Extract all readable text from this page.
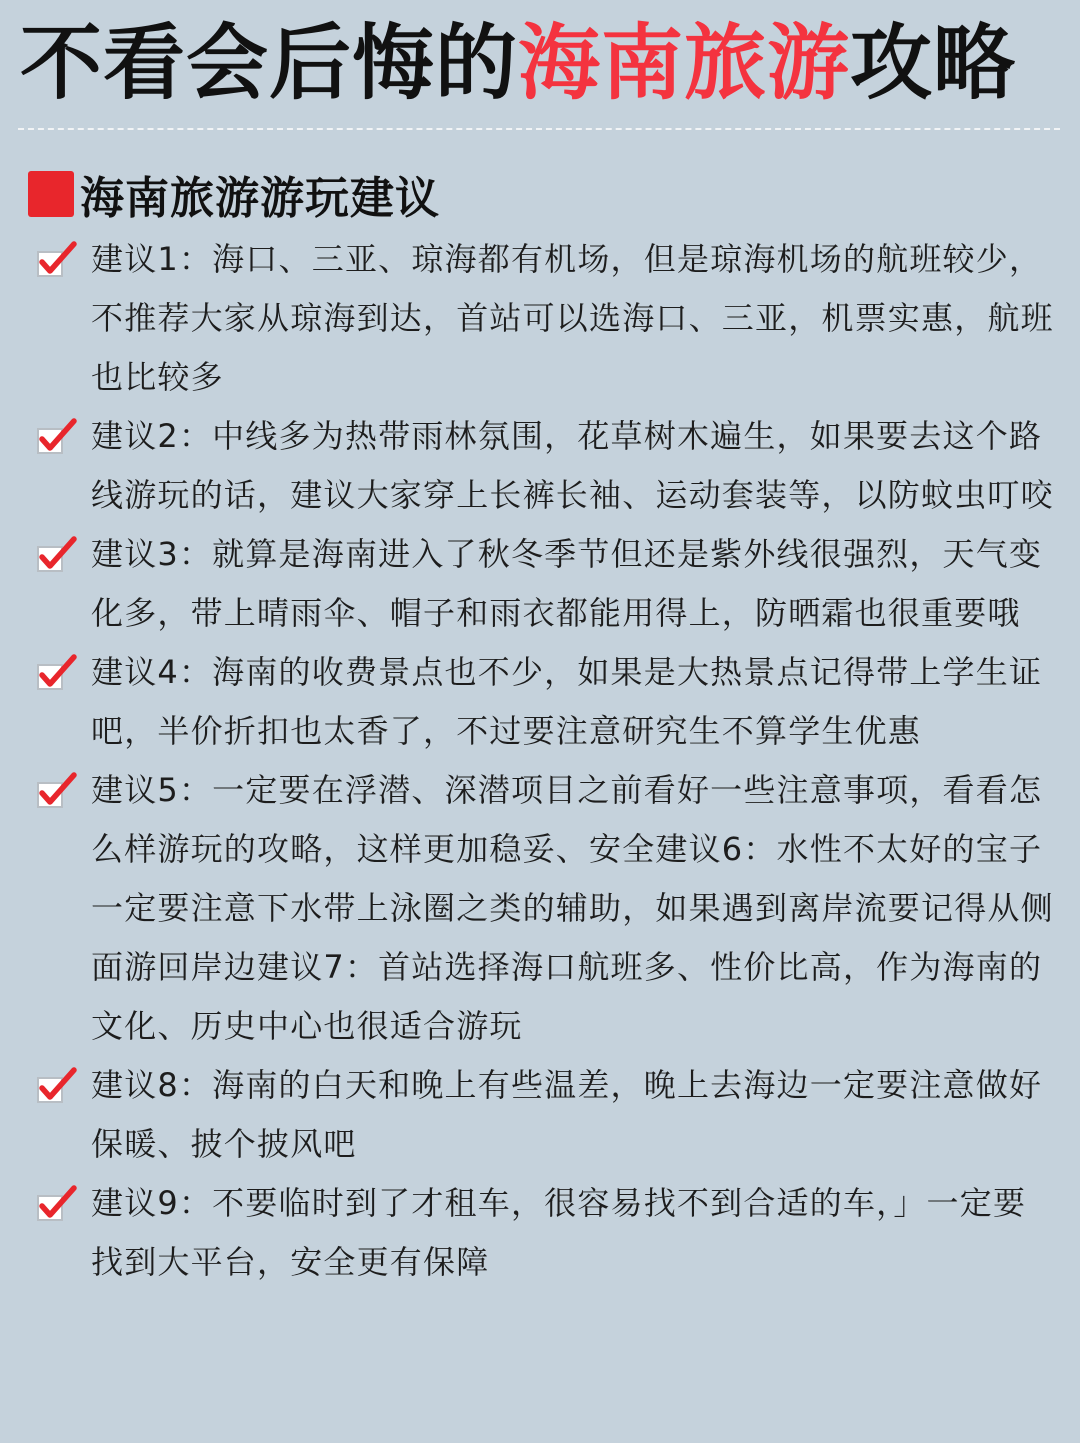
不看会后悔的海南旅游攻略
海南旅游游玩建议
建议1：海口、三亚、琼海都有机场，但是琼海机场的航班较少，不推荐大家从琼海到达，首站可以选海口、三亚，机票实惠，航班也比较多
建议2：中线多为热带雨林氛围，花草树木遍生，如果要去这个路线游玩的话，建议大家穿上长裤长袖、运动套装等，以防蚊虫叮咬
建议3：就算是海南进入了秋冬季节但还是紫外线很强烈，天气变化多，带上晴雨伞、帽子和雨衣都能用得上，防晒霜也很重要哦
建议4：海南的收费景点也不少，如果是大热景点记得带上学生证吧，半价折扣也太香了，不过要注意研究生不算学生优惠
建议5：一定要在浮潜、深潜项目之前看好一些注意事项，看看怎么样游玩的攻略，这样更加稳妥、安全建议6：水性不太好的宝子一定要注意下水带上泳圈之类的辅助，如果遇到离岸流要记得从侧面游回岸边建议7：首站选择海口航班多、性价比高，作为海南的文化、历史中心也很适合游玩
建议8：海南的白天和晚上有些温差，晚上去海边一定要注意做好保暖、披个披风吧
建议9：不要临时到了才租车，很容易找不到合适的车，」一定要找到大平台，安全更有保障
